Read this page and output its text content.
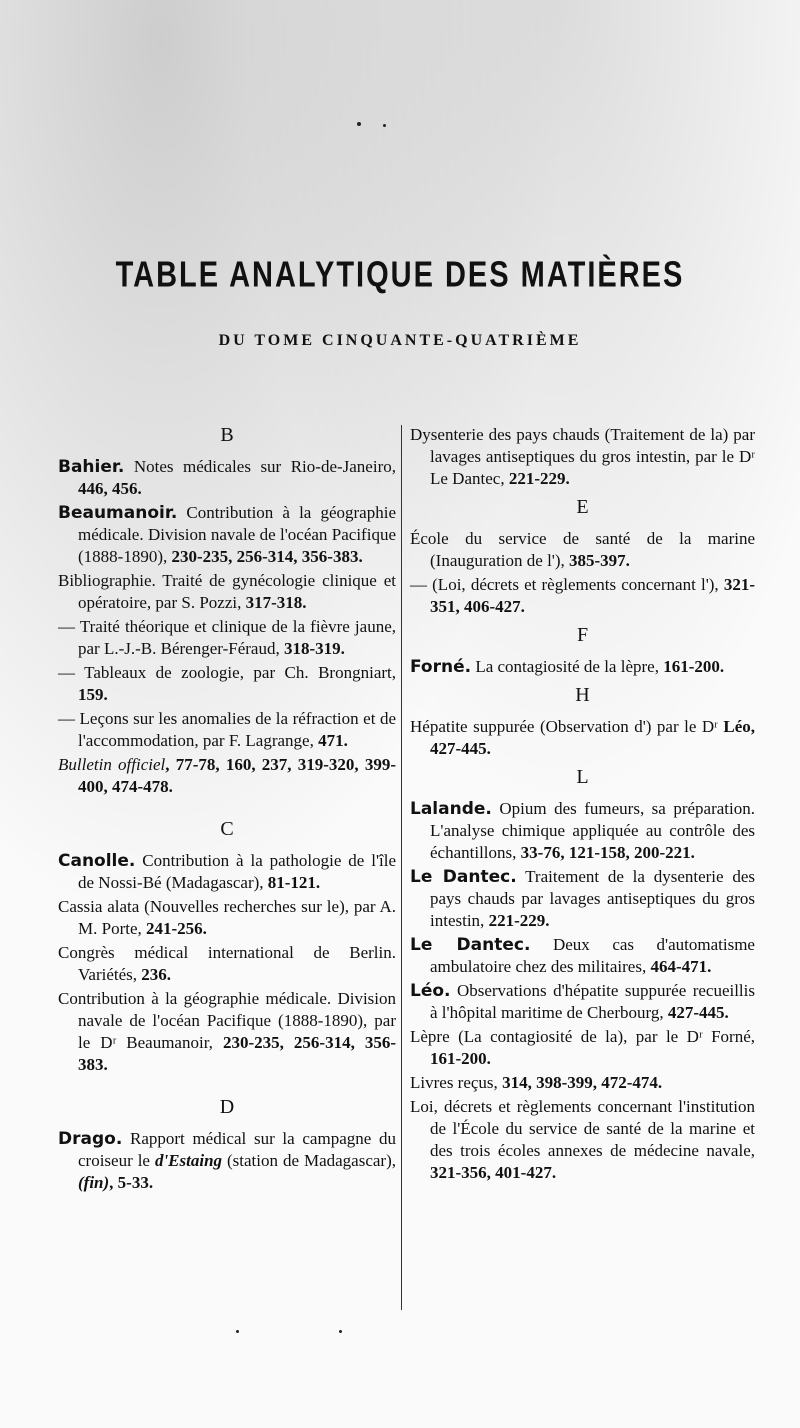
TABLE ANALYTIQUE DES MATIÈRES
DU TOME CINQUANTE-QUATRIÈME
B

Bahier. Notes médicales sur Rio-de-Janeiro, 446, 456.

Beaumanoir. Contribution à la géographie médicale. Division navale de l'océan Pacifique (1888-1890), 230-235, 256-314, 356-383.

Bibliographie. Traité de gynécologie clinique et opératoire, par S. Pozzi, 317-318.

— Traité théorique et clinique de la fièvre jaune, par L.-J.-B. Bérenger-Féraud, 318-319.

— Tableaux de zoologie, par Ch. Brongniart, 159.

— Leçons sur les anomalies de la réfraction et de l'accommodation, par F. Lagrange, 471.

Bulletin officiel, 77-78, 160, 237, 319-320, 399-400, 474-478.

C

Canolle. Contribution à la pathologie de l'île de Nossi-Bé (Madagascar), 81-121.

Cassia alata (Nouvelles recherches sur le), par A. M. Porte, 241-256.

Congrès médical international de Berlin. Variétés, 236.

Contribution à la géographie médicale. Division navale de l'océan Pacifique (1888-1890), par le Dʳ Beaumanoir, 230-235, 256-314, 356-383.

D

Drago. Rapport médical sur la campagne du croiseur le d'Estaing (station de Madagascar), (fin), 5-33.

Dysenterie des pays chauds (Traitement de la) par lavages antiseptiques du gros intestin, par le Dʳ Le Dantec, 221-229.

E

École du service de santé de la marine (Inauguration de l'), 385-397.

— (Loi, décrets et règlements concernant l'), 321-351, 406-427.

F

Forné. La contagiosité de la lèpre, 161-200.

H

Hépatite suppurée (Observation d') par le Dʳ Léo, 427-445.

L

Lalande. Opium des fumeurs, sa préparation. L'analyse chimique appliquée au contrôle des échantillons, 33-76, 121-158, 200-221.

Le Dantec. Traitement de la dysenterie des pays chauds par lavages antiseptiques du gros intestin, 221-229.

Le Dantec. Deux cas d'automatisme ambulatoire chez des militaires, 464-471.

Léo. Observations d'hépatite suppurée recueillis à l'hôpital maritime de Cherbourg, 427-445.

Lèpre (La contagiosité de la), par le Dʳ Forné, 161-200.

Livres reçus, 314, 398-399, 472-474.

Loi, décrets et règlements concernant l'institution de l'École du service de santé de la marine et des trois écoles annexes de médecine navale, 321-356, 401-427.
